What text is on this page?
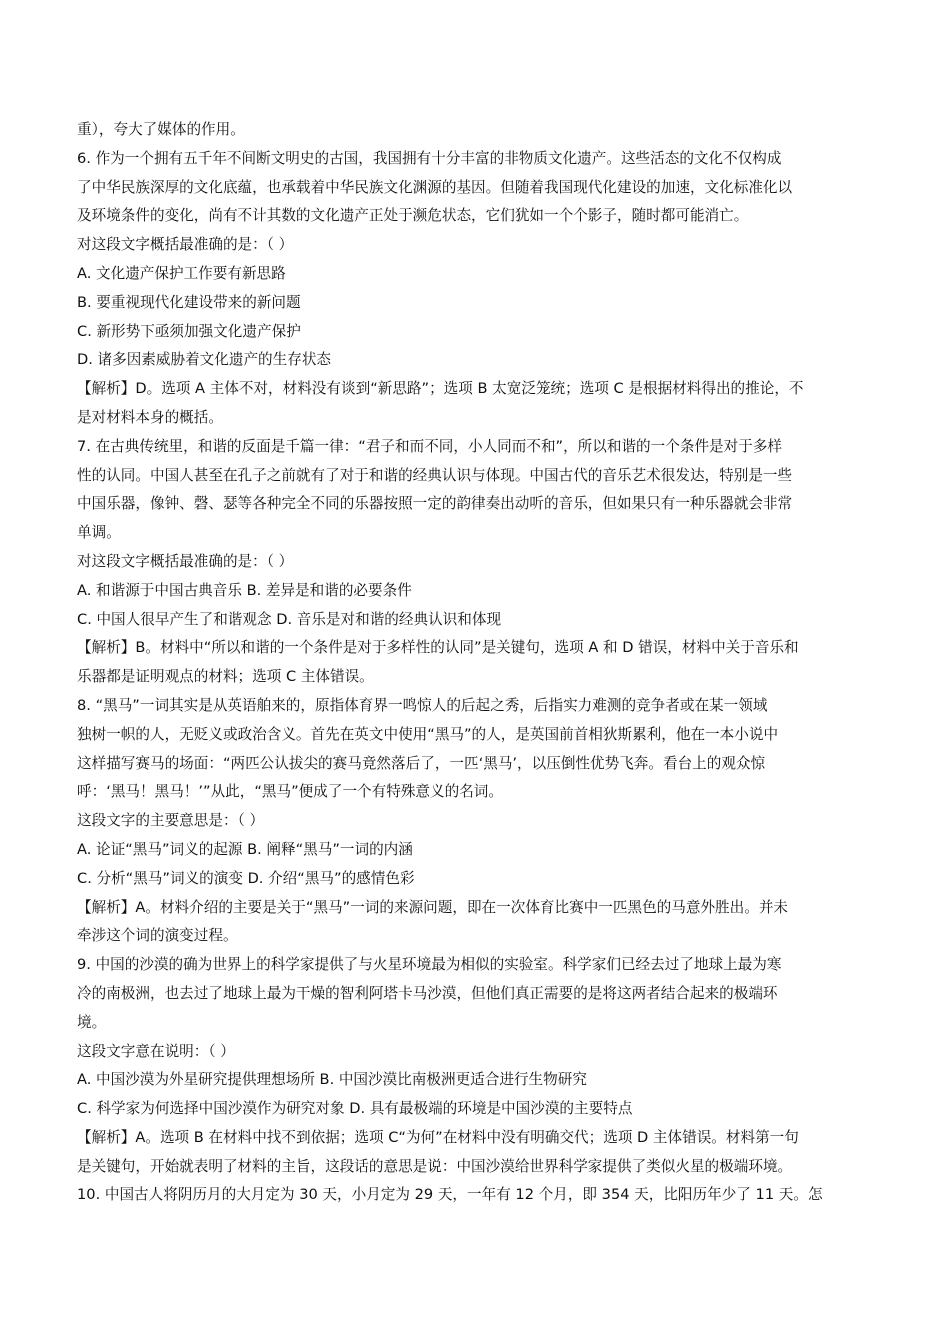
重），夸大了媒体的作用。
6. 作为一个拥有五千年不间断文明史的古国，我国拥有十分丰富的非物质文化遗产。这些活态的文化不仅构成
了中华民族深厚的文化底蕴，也承载着中华民族文化渊源的基因。但随着我国现代化建设的加速，文化标准化以
及环境条件的变化，尚有不计其数的文化遗产正处于濒危状态，它们犹如一个个影子，随时都可能消亡。
对这段文字概括最准确的是：（ ）
A. 文化遗产保护工作要有新思路
B. 要重视现代化建设带来的新问题
C. 新形势下亟须加强文化遗产保护
D. 诸多因素威胁着文化遗产的生存状态
【解析】D。选项 A 主体不对，材料没有谈到“新思路”；选项 B 太宽泛笼统；选项 C 是根据材料得出的推论，不
是对材料本身的概括。
7. 在古典传统里，和谐的反面是千篇一律：“君子和而不同，小人同而不和”，所以和谐的一个条件是对于多样
性的认同。中国人甚至在孔子之前就有了对于和谐的经典认识与体现。中国古代的音乐艺术很发达，特别是一些
中国乐器，像钟、磬、瑟等各种完全不同的乐器按照一定的韵律奏出动听的音乐，但如果只有一种乐器就会非常
单调。
对这段文字概括最准确的是：（ ）
A. 和谐源于中国古典音乐 B. 差异是和谐的必要条件
C. 中国人很早产生了和谐观念 D. 音乐是对和谐的经典认识和体现
【解析】B。材料中“所以和谐的一个条件是对于多样性的认同”是关键句，选项 A 和 D 错误，材料中关于音乐和
乐器都是证明观点的材料；选项 C 主体错误。
8. “黑马”一词其实是从英语舶来的，原指体育界一鸣惊人的后起之秀，后指实力难测的竞争者或在某一领域
独树一帜的人，无贬义或政治含义。首先在英文中使用“黑马”的人，是英国前首相狄斯累利，他在一本小说中
这样描写赛马的场面：“两匹公认拔尖的赛马竟然落后了，一匹‘黑马’，以压倒性优势飞奔。看台上的观众惊
呼：‘黑马！黑马！’”从此，“黑马”便成了一个有特殊意义的名词。
这段文字的主要意思是：（ ）
A. 论证“黑马”词义的起源 B. 阐释“黑马”一词的内涵
C. 分析“黑马”词义的演变 D. 介绍“黑马”的感情色彩
【解析】A。材料介绍的主要是关于“黑马”一词的来源问题，即在一次体育比赛中一匹黑色的马意外胜出。并未
牵涉这个词的演变过程。
9. 中国的沙漠的确为世界上的科学家提供了与火星环境最为相似的实验室。科学家们已经去过了地球上最为寒
冷的南极洲，也去过了地球上最为干燥的智利阿塔卡马沙漠，但他们真正需要的是将这两者结合起来的极端环
境。
这段文字意在说明：（ ）
A. 中国沙漠为外星研究提供理想场所 B. 中国沙漠比南极洲更适合进行生物研究
C. 科学家为何选择中国沙漠作为研究对象 D. 具有最极端的环境是中国沙漠的主要特点
【解析】A。选项 B 在材料中找不到依据；选项 C“为何”在材料中没有明确交代；选项 D 主体错误。材料第一句
是关键句，开始就表明了材料的主旨，这段话的意思是说：中国沙漠给世界科学家提供了类似火星的极端环境。
10. 中国古人将阴历月的大月定为 30 天，小月定为 29 天，一年有 12 个月，即 354 天，比阳历年少了 11 天。怎
